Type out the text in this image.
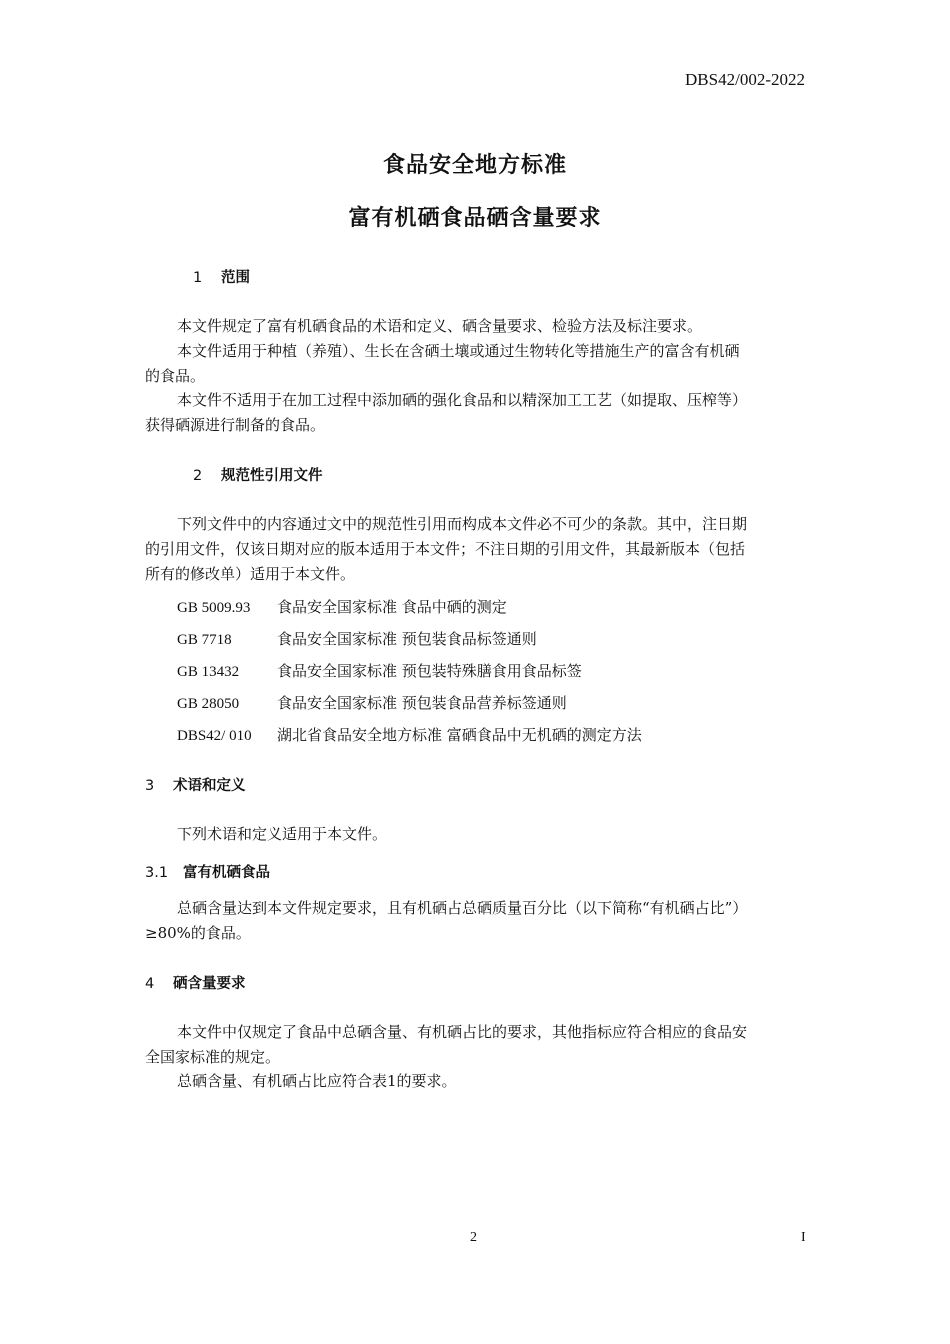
DBS42/002-2022
食品安全地方标准
富有机硒食品硒含量要求
1 范围
本文件规定了富有机硒食品的术语和定义、硒含量要求、检验方法及标注要求。
本文件适用于种植（养殖）、生长在含硒土壤或通过生物转化等措施生产的富含有机硒
的食品。
本文件不适用于在加工过程中添加硒的强化食品和以精深加工工艺（如提取、压榨等）
获得硒源进行制备的食品。
2 规范性引用文件
下列文件中的内容通过文中的规范性引用而构成本文件必不可少的条款。其中，注日期
的引用文件，仅该日期对应的版本适用于本文件；不注日期的引用文件，其最新版本（包括
所有的修改单）适用于本文件。
GB 5009.93 食品安全国家标准 食品中硒的测定
GB 7718	食品安全国家标准 预包装食品标签通则
GB 13432	食品安全国家标准 预包装特殊膳食用食品标签
GB 28050	食品安全国家标准 预包装食品营养标签通则
DBS42/ 010 湖北省食品安全地方标准 富硒食品中无机硒的测定方法
3 术语和定义
下列术语和定义适用于本文件。
3.1 富有机硒食品
总硒含量达到本文件规定要求，且有机硒占总硒质量百分比（以下简称“有机硒占比”）
≥80%的食品。
4 硒含量要求
本文件中仅规定了食品中总硒含量、有机硒占比的要求，其他指标应符合相应的食品安
全国家标准的规定。
总硒含量、有机硒占比应符合表1的要求。
2	I
